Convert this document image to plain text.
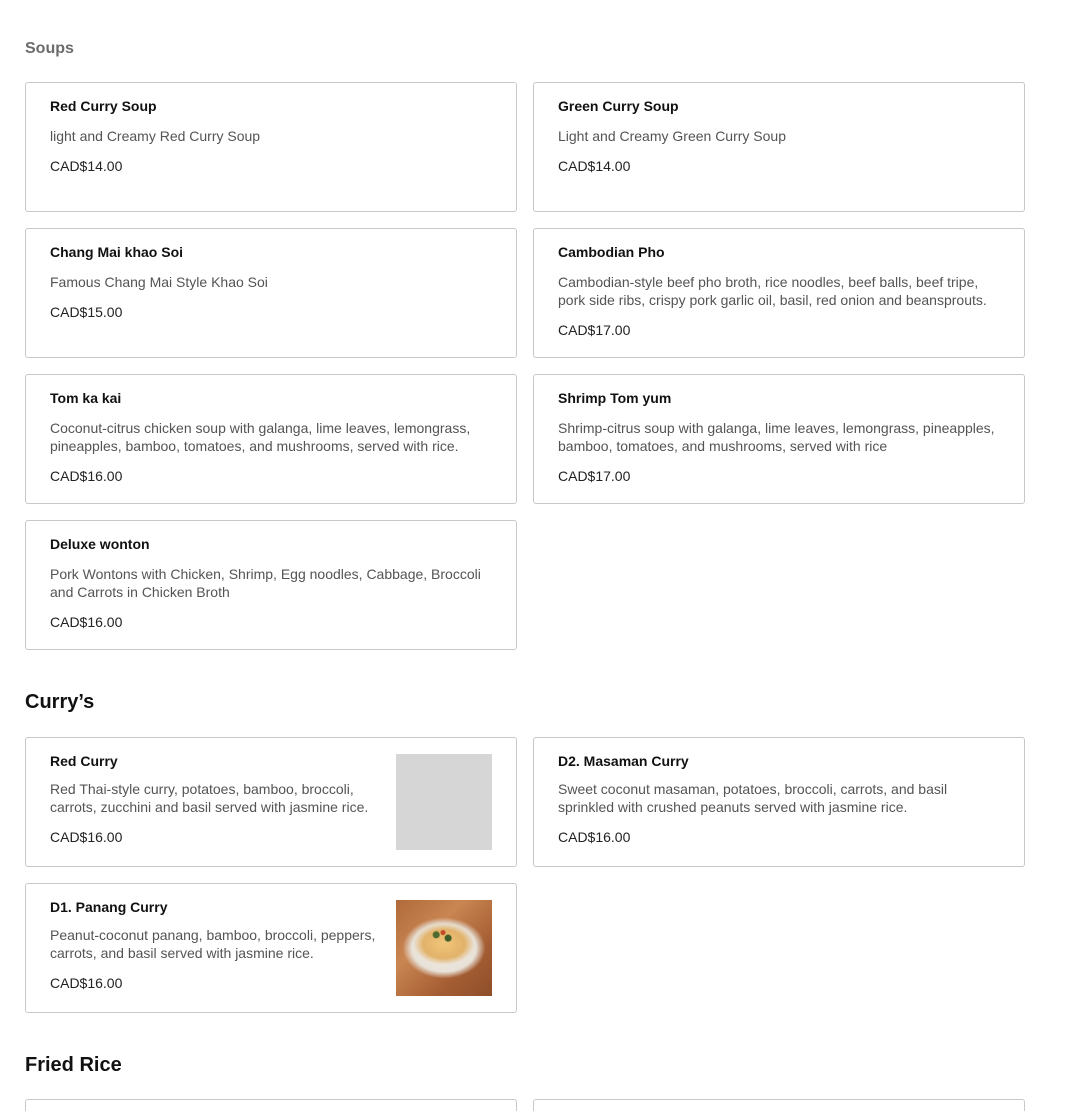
Soups
Red Curry Soup
light and Creamy Red Curry Soup
CAD$14.00
Green Curry Soup
Light and Creamy Green Curry Soup
CAD$14.00
Chang Mai khao Soi
Famous Chang Mai Style Khao Soi
CAD$15.00
Cambodian Pho
Cambodian-style beef pho broth, rice noodles, beef balls, beef tripe, pork side ribs, crispy pork garlic oil, basil, red onion and beansprouts.
CAD$17.00
Tom ka kai
Coconut-citrus chicken soup with galanga, lime leaves, lemongrass, pineapples, bamboo, tomatoes, and mushrooms, served with rice.
CAD$16.00
Shrimp Tom yum
Shrimp-citrus soup with galanga, lime leaves, lemongrass, pineapples, bamboo, tomatoes, and mushrooms, served with rice
CAD$17.00
Deluxe wonton
Pork Wontons with Chicken, Shrimp, Egg noodles, Cabbage, Broccoli and Carrots in Chicken Broth
CAD$16.00
Curry’s
Red Curry
Red Thai-style curry, potatoes, bamboo, broccoli, carrots, zucchini and basil served with jasmine rice.
CAD$16.00
D2. Masaman Curry
Sweet coconut masaman, potatoes, broccoli, carrots, and basil sprinkled with crushed peanuts served with jasmine rice.
CAD$16.00
D1. Panang Curry
Peanut-coconut panang, bamboo, broccoli, peppers, carrots, and basil served with jasmine rice.
CAD$16.00
Fried Rice
